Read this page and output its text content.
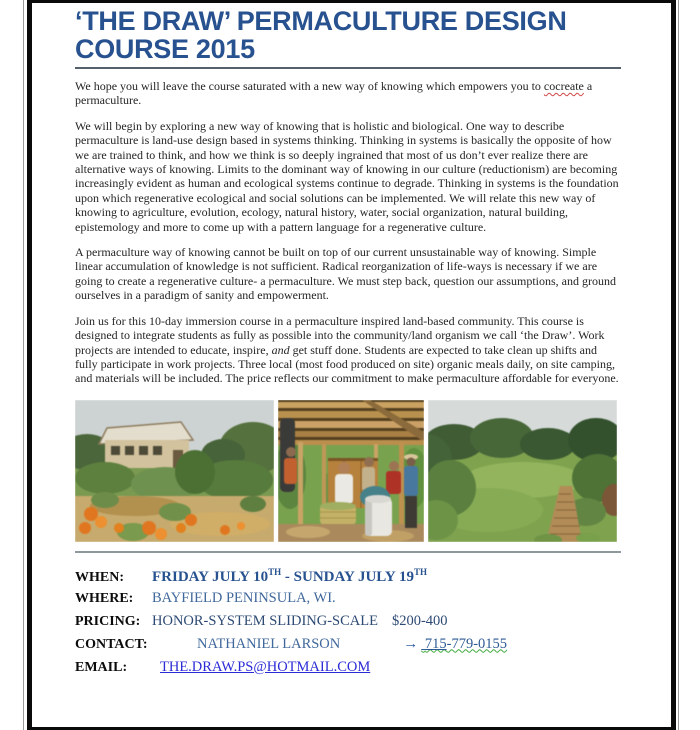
‘THE DRAW’ PERMACULTURE DESIGN
COURSE 2015

We hope you will leave the course saturated with a new way of knowing which empowers you to cocreate a permaculture.

We will begin by exploring a new way of knowing that is holistic and biological. One way to describe permaculture is land-use design based in systems thinking. Thinking in systems is basically the opposite of how we are trained to think, and how we think is so deeply ingrained that most of us don’t ever realize there are alternative ways of knowing. Limits to the dominant way of knowing in our culture (reductionism) are becoming increasingly evident as human and ecological systems continue to degrade. Thinking in systems is the foundation upon which regenerative ecological and social solutions can be implemented. We will relate this new way of knowing to agriculture, evolution, ecology, natural history, water, social organization, natural building, epistemology and more to come up with a pattern language for a regenerative culture.

A permaculture way of knowing cannot be built on top of our current unsustainable way of knowing. Simple linear accumulation of knowledge is not sufficient. Radical reorganization of life-ways is necessary if we are going to create a regenerative culture- a permaculture. We must step back, question our assumptions, and ground ourselves in a paradigm of sanity and empowerment.

Join us for this 10-day immersion course in a permaculture inspired land-based community. This course is designed to integrate students as fully as possible into the community/land organism we call ‘the Draw’. Work projects are intended to educate, inspire, and get stuff done. Students are expected to take clean up shifts and fully participate in work projects. Three local (most food produced on site) organic meals daily, on site camping, and materials will be included. The price reflects our commitment to make permaculture affordable for everyone.

WHEN:	FRIDAY JULY 10TH - SUNDAY JULY 19TH
WHERE:	BAYFIELD PENINSULA, WI.
PRICING: HONOR-SYSTEM SLIDING-SCALE $200-400
CONTACT:	NATHANIEL LARSON	→ 715-779-0155
EMAIL:	THE.DRAW.PS@HOTMAIL.COM
